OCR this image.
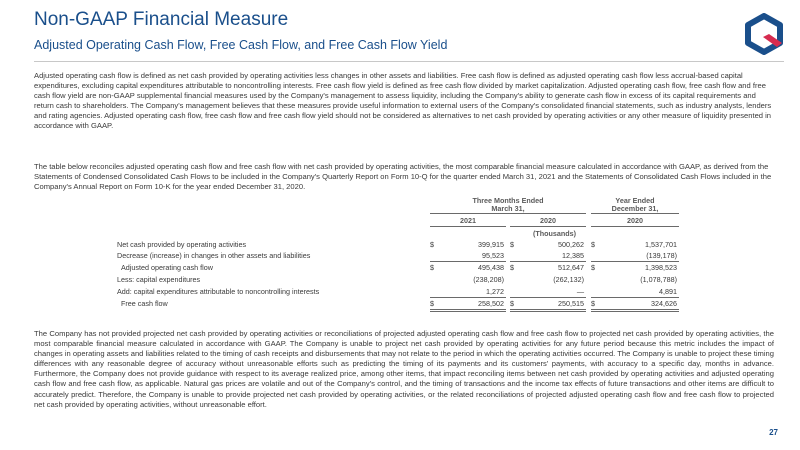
Non-GAAP Financial Measure
Adjusted Operating Cash Flow, Free Cash Flow, and Free Cash Flow Yield
Adjusted operating cash flow is defined as net cash provided by operating activities less changes in other assets and liabilities. Free cash flow is defined as adjusted operating cash flow less accrual-based capital expenditures, excluding capital expenditures attributable to noncontrolling interests. Free cash flow yield is defined as free cash flow divided by market capitalization. Adjusted operating cash flow, free cash flow and free cash flow yield are non-GAAP supplemental financial measures used by the Company's management to assess liquidity, including the Company's ability to generate cash flow in excess of its capital requirements and return cash to shareholders. The Company's management believes that these measures provide useful information to external users of the Company's consolidated financial statements, such as industry analysts, lenders and rating agencies. Adjusted operating cash flow, free cash flow and free cash flow yield should not be considered as alternatives to net cash provided by operating activities or any other measure of liquidity presented in accordance with GAAP.
The table below reconciles adjusted operating cash flow and free cash flow with net cash provided by operating activities, the most comparable financial measure calculated in accordance with GAAP, as derived from the Statements of Condensed Consolidated Cash Flows to be included in the Company's Quarterly Report on Form 10-Q for the quarter ended March 31, 2021 and the Statements of Consolidated Cash Flows included in the Company's Annual Report on Form 10-K for the year ended December 31, 2020.
Three Months Ended
March 31,
Year Ended
December 31,
2021	2020	2020
(Thousands)
Net cash provided by operating activities	$	399,915 $	500,262 $	1,537,701
Decrease (increase) in changes in other assets and liabilities	95,523	12,385	(139,178)
Adjusted operating cash flow	$	495,438 $	512,647 $	1,398,523
Less: capital expenditures	(238,208)	(262,132)	(1,078,788)
Add: capital expenditures attributable to noncontrolling interests	1,272	—	4,891
Free cash flow	$	258,502 $	250,515 $	324,626
The Company has not provided projected net cash provided by operating activities or reconciliations of projected adjusted operating cash flow and free cash flow to projected net cash provided by operating activities, the most comparable financial measure calculated in accordance with GAAP. The Company is unable to project net cash provided by operating activities for any future period because this metric includes the impact of changes in operating assets and liabilities related to the timing of cash receipts and disbursements that may not relate to the period in which the operating activities occurred. The Company is unable to project these timing differences with any reasonable degree of accuracy without unreasonable efforts such as predicting the timing of its payments and its customers' payments, with accuracy to a specific day, months in advance. Furthermore, the Company does not provide guidance with respect to its average realized price, among other items, that impact reconciling items between net cash provided by operating activities and adjusted operating cash flow and free cash flow, as applicable. Natural gas prices are volatile and out of the Company's control, and the timing of transactions and the income tax effects of future transactions and other items are difficult to accurately predict. Therefore, the Company is unable to provide projected net cash provided by operating activities, or the related reconciliations of projected adjusted operating cash flow and free cash flow to projected net cash provided by operating activities, without unreasonable effort.
27
